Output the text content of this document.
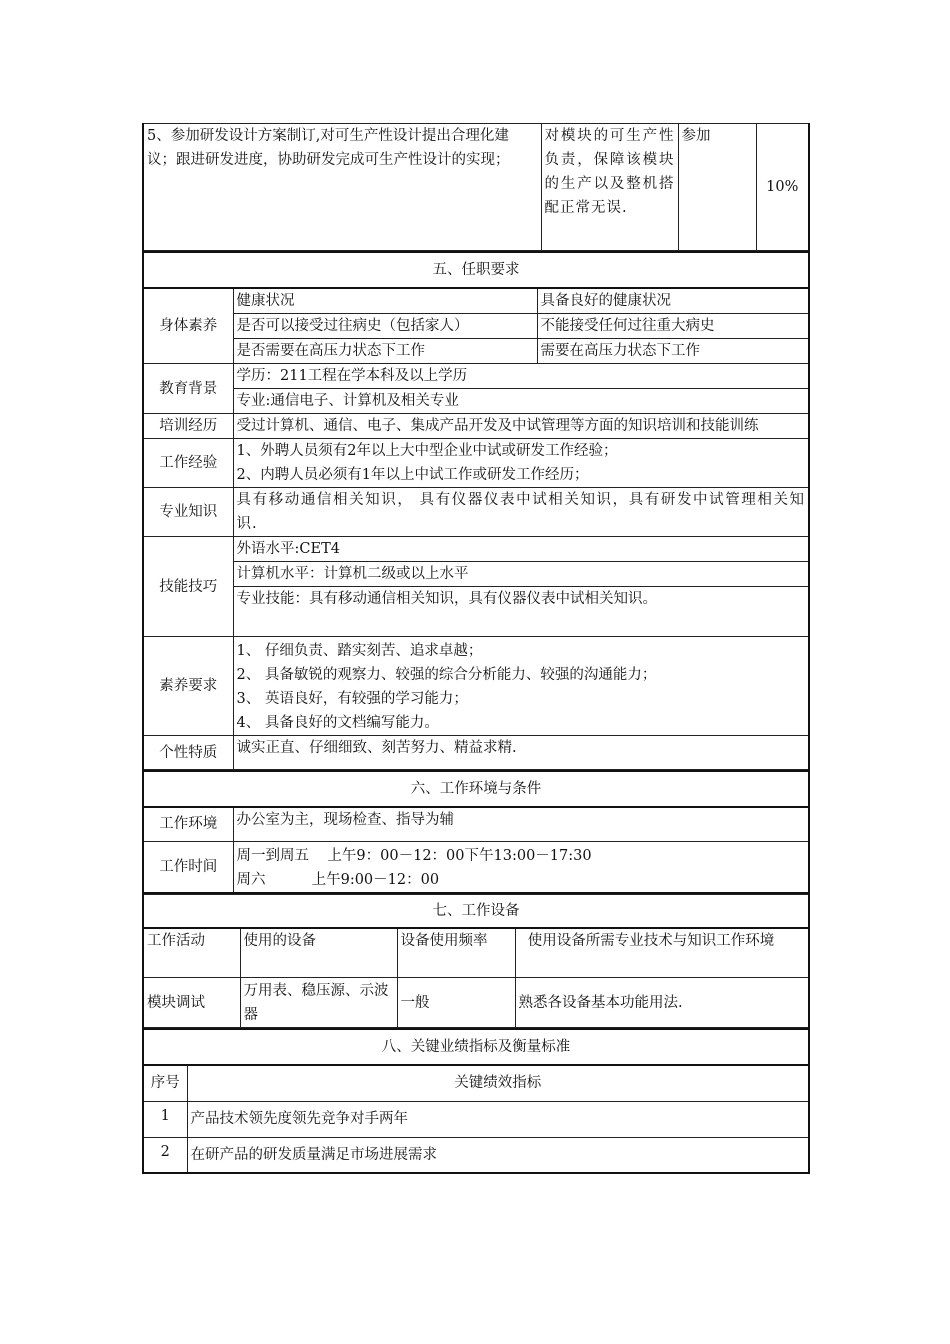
5、参加研发设计方案制订,对可生产性设计提出合理化建议；跟进研发进度，协助研发完成可生产性设计的实现；	对模块的可生产性负责，保障该模块的生产以及整机搭配正常无误.	参加	10%
五、任职要求		
身体素养	健康状况	具备良好的健康状况
	是否可以接受过往病史（包括家人）	不能接受任何过往重大病史
	是否需要在高压力状态下工作	需要在高压力状态下工作
教育背景	学历：211工程在学本科及以上学历	
	专业:通信电子、计算机及相关专业	
培训经历	受过计算机、通信、电子、集成产品开发及中试管理等方面的知识培训和技能训练	
工作经验	1、外聘人员须有2年以上大中型企业中试或研发工作经验；
2、内聘人员必须有1年以上中试工作或研发工作经历；	

专业知识	具有移动通信相关知识， 具有仪器仪表中试相关知识，具有研发中试管理相关知识.	
技能技巧	外语水平:CET4	
	计算机水平：计算机二级或以上水平	
	专业技能：具有移动通信相关知识，具有仪器仪表中试相关知识。	
素养要求	1、 仔细负责、踏实刻苦、追求卓越；
2、 具备敏锐的观察力、较强的综合分析能力、较强的沟通能力；
3、 英语良好，有较强的学习能力；
4、 具备良好的文档编写能力。	

个性特质	诚实正直、仔细细致、刻苦努力、精益求精.	
六、工作环境与条件	
工作环境	办公室为主，现场检查、指导为辅
工作时间	周一到周五    上午9：00－12：00下午13:00－17:30
周六          上午9:00－12：00
七、工作设备			
工作活动	使用的设备	设备使用频率	使用设备所需专业技术与知识工作环境
模块调试	万用表、稳压源、示波器	一般	熟悉各设备基本功能用法.
八、关键业绩指标及衡量标准	
序号	关键绩效指标
1	产品技术领先度领先竞争对手两年
2	在研产品的研发质量满足市场进展需求
